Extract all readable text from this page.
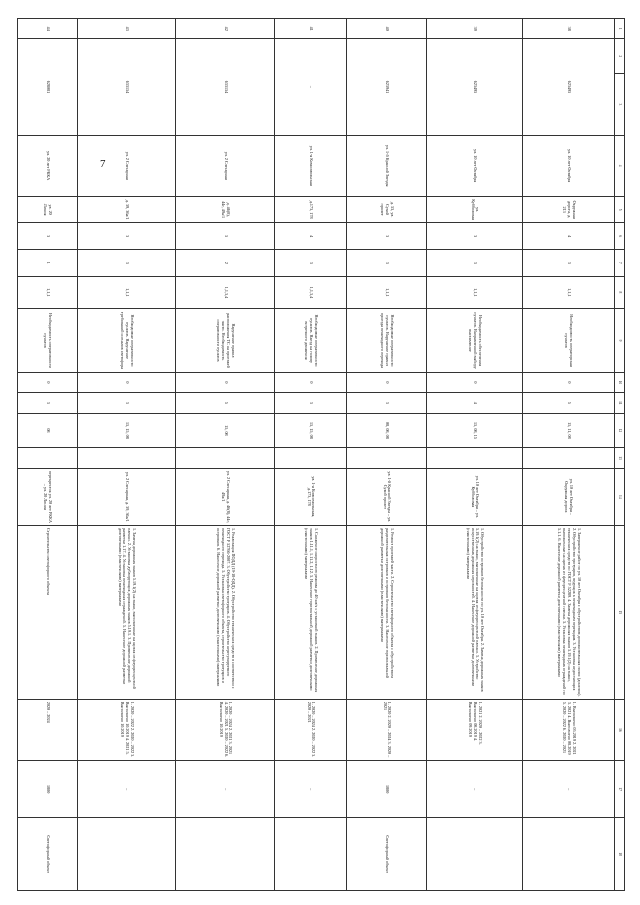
7
1	2	3	4	5	6	7	8	9	10	11	12	13	14	15	16	17	18
38	623495		ул. 10 лет Октября	Окружная дорога, д. 213	4	3	1,1,1	Необходимость операторская пунктов	0	5	15, 11, 08		ул. 10 лет Октября – Окружная дорога	1. Завершение работ по ул. 10 лет Октября с обустройством дополнительных полос (донелон). 2. Обустройство тротуаров, ведущих к пешеходным переходам. 3. Установка недостающих технических средств по ГОСТ Р 52289. 4. Замена дорожных знаков 5.19.1(2) на знаки, выполненные на щитах из флуоресцентной пленки. 5. Установка пешеходных ограждений по 5.1.1. 6. Нанесение дорожной разметки долговечными (пластичными) материалами	1. Выполнено 05.2019 2. 2021 3. 2021 4. Выполнено 08.2019 5. 2020 – 2022 6. 2020 – 2021	–	
39	623495		ул. 10 лет Октября	ул. Кубболовая	3	3	1,1,1	Необходимость обеспечения пунктов. Направленной выбору выставление	0	4	15, 08, 15		ул. 10 лет Октября – ул. Кубболовая	1. Обустройство островков безопасности по ул. 10 лет Октября. 2. Замена дорожных знаков 5.19.1(2) на знаки, выполненные на щитах из флуоресцентной пленки. 3. Устройство искусственных дорожных неровностей. 4. Нанесение дорожной разметки долговечными (пластичными) материалами	1. 2021 2. 2020 – 2022 3. Выполнено 08.2019 4. Выполнено 09.2019	–	
40	623941		ул. 1-й Красной Звезды	д. 53, ул. Сухой пролет	3	3	1,1,1	Необходимые оперативности пунктов. Нарушение правил проезда пешеходного перехода	0	3	08, 08, 08		ул. 1-й Красной Звезды – ул. Сухой пролет	1. Ремонт проезжей части. 2. Строительство светофорного объекта с обустройством разделительных островков и островков безопасности. 3. Нанесение горизонтальной дорожной разметки долговечными (пластичными) материалами	1. 2020 2. 2020 – 2024 3. 2020 – 2021	1800	Светофорный объект
41	–		ул. 1-я Комсомольская	д.173, 178	4	3	1,1,3,4	Необходимые оперативности пунктов. Наезд на голову встречного движения	0	3	15, 15, 08		ул. 1-я Комсомольская, д.173, 178	1. Снижение скоростного режима до 40 км/ч с установкой знаков. 2. Применение дорожных знаков 1.11.1, 1.11.2, 1.12. 3. Нанесение горизонтальной дорожной разметки долговечными (пластичными) материалами	1. 2020 – 2024 2. 2020 – 2022 3. 2020 – 2021	–	
42	633154		ул. 2 Слесарная	д. 46(8), 44г, 49а/1	5	2	1,1,3,4	Нарушение правил расположения ТС на проезжей части. Необходимость оперативности пунктов	0	5	15, 08		ул. 2 Слесарная, д. 46(8), 44г, 49а/1	1. Реализация ПОДД (19-18-ОДД). 2. Обустройство технических средств в соответствии с ГОСТ Р 52766-2007. 3. Обустройство тротуаров. 4. Обустройство нерегулируемого пешеходного перехода. 5. Установка светофорного объекта, строительство тротуаров и островков. 6. Нанесение дорожной разметки долговечными (пластичными) материалами	1. 2020 – 2024 2. 2021 3. 2021 4. 2020 – 2021 5. 2020 – 2022 6. Выполнено 10.2019	–	
43	633154		ул. 2 Слесарная	д. 39, 36а/1	3	3	1,1,1	Необходимые оперативности пунктов. Нарушение требований сигналов светофора	0	3	15, 15, 08		ул. 2 Слесарная, д. 39, 36а/1	1. Замена дорожных знаков 5.19.1(2) на знаки, выполненные на щитах из флуоресцентной пленки. 2. Установка дублирующих дорожных знаков 5.19.1. 3. Применение дорожной разметки 1.17. 4. Установка пешеходных ограждений. 5. Нанесение дорожной разметки долговечными (пластичными) материалами	1. 2020 – 2022 2. 2020 – 2022 3. Выполнено 10.2019 4. 2021 5. Выполнено 10.2019	–	
44	628081		ул. 20 лет РККА	ул. 20 Линия	3	1	1,1,1	Необходимость оперативности пунктов	0	3	08		перекресток ул. 20 лет РККА – ул. 20 Линия	Строительство светофорного объекта	2020 – 2024	1800	Светофорный объект
